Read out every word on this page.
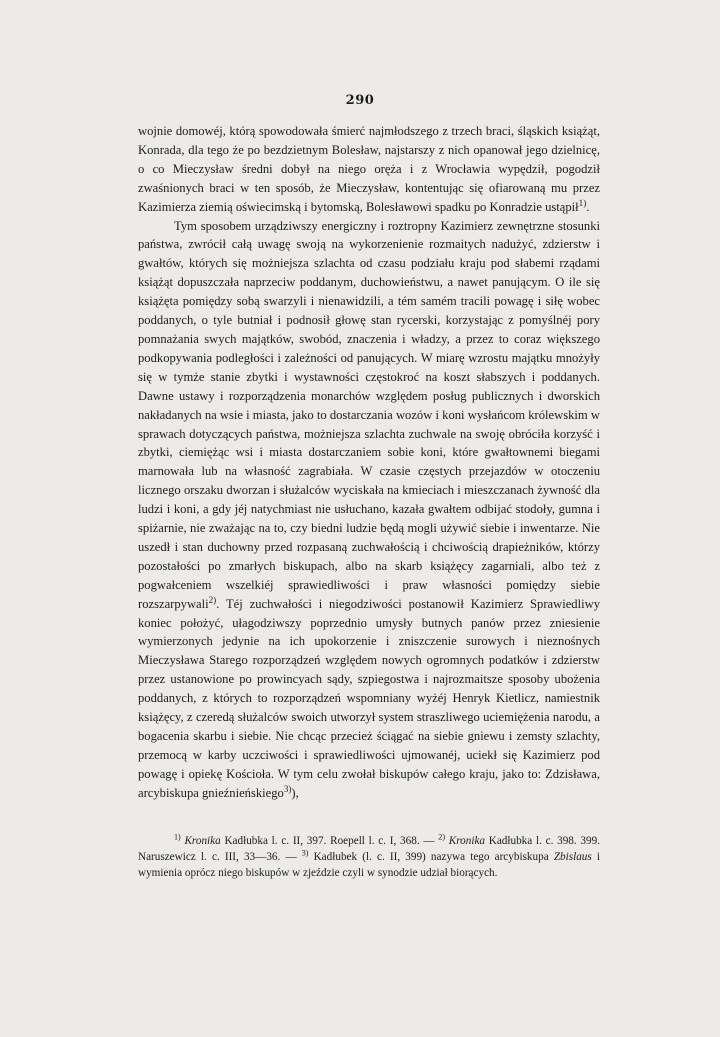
290

wojnie domowéj, którą spowodowała śmierć najmłodszego z trzech braci, śląskich książąt, Konrada, dla tego że po bezdzietnym Bolesław, najstarszy z nich opanował jego dzielnicę, o co Mieczysław średni dobył na niego oręża i z Wrocławia wypędził, pogodził zwaśnionych braci w ten sposób, że Mieczysław, kontentując się ofiarowaną mu przez Kazimierza ziemią oświecimską i bytomską, Bolesławowi spadku po Konradzie ustąpił$^{1)}$.

Tym sposobem urządziwszy energiczny i roztropny Kazimierz zewnętrzne stosunki państwa, zwrócił całą uwagę swoją na wykorzenienie rozmaitych nadużyć, zdzierstw i gwałtów, których się możniejsza szlachta od czasu podziału kraju pod słabemi rządami książąt dopuszczała naprzeciw poddanym, duchowieństwu, a nawet panującym. O ile się książęta pomiędzy sobą swarzyli i nienawidzili, a tém samém tracili powagę i siłę wobec poddanych, o tyle butniał i podnosił głowę stan rycerski, korzystając z pomyślnéj pory pomnażania swych majątków, swobód, znaczenia i władzy, a przez to coraz większego podkopywania podległości i zależności od panujących. W miarę wzrostu majątku mnożyły się w tymże stanie zbytki i wystawności częstokroć na koszt słabszych i poddanych. Dawne ustawy i rozporządzenia monarchów względem posług publicznych i dworskich nakładanych na wsie i miasta, jako to dostarczania wozów i koni wysłańcom królewskim w sprawach dotyczących państwa, możniejsza szlachta zuchwale na swoję obróciła korzyść i zbytki, ciemiężąc wsi i miasta dostarczaniem sobie koni, które gwałtownemi biegami marnowała lub na własność zagrabiała. W czasie częstych przejazdów w otoczeniu licznego orszaku dworzan i służalców wyciskała na kmieciach i mieszczanach żywność dla ludzi i koni, a gdy jéj natychmiast nie usłuchano, kazała gwałtem odbijać stodoły, gumna i spiżarnie, nie zważając na to, czy biedni ludzie będą mogli używić siebie i inwentarze. Nie uszedł i stan duchowny przed rozpasaną zuchwałością i chciwością drapieżników, którzy pozostałości po zmarłych biskupach, albo na skarb książęcy zagarniali, albo też z pogwałceniem wszelkiéj sprawiedliwości i praw własności pomiędzy siebie rozszarpywali$^{2)}$. Téj zuchwałości i niegodziwości postanowił Kazimierz Sprawiedliwy koniec położyć, ułagodziwszy poprzednio umysły butnych panów przez zniesienie wymierzonych jedynie na ich upokorzenie i zniszczenie surowych i nieznośnych Mieczysława Starego rozporządzeń względem nowych ogromnych podatków i zdzierstw przez ustanowione po prowincyach sądy, szpiegostwa i najrozmaitsze sposoby ubożenia poddanych, z których to rozporządzeń wspomniany wyżéj Henryk Kietlicz, namiestnik książęcy, z czeredą służalców swoich utworzył system straszliwego uciemiężenia narodu, a bogacenia skarbu i siebie. Nie chcąc przecież ściągać na siebie gniewu i zemsty szlachty, przemocą w karby uczciwości i sprawiedliwości ujmowanéj, uciekł się Kazimierz pod powagę i opiekę Kościoła. W tym celu zwołał biskupów całego kraju, jako to: Zdzisława, arcybiskupa gnieźnieńskiego$^{3)}$),

$^{1)}$ Kronika Kadłubka l. c. II, 397. Roepell l. c. I, 368. — $^{2)}$ Kronika Kadłubka l. c. 398. 399. Naruszewicz l. c. III, 33—36. — $^{3)}$ Kadłubek (l. c. II, 399) nazywa tego arcybiskupa Zbislaus i wymienia oprócz niego biskupów w zjeździe czyli w synodzie udział biorących.
